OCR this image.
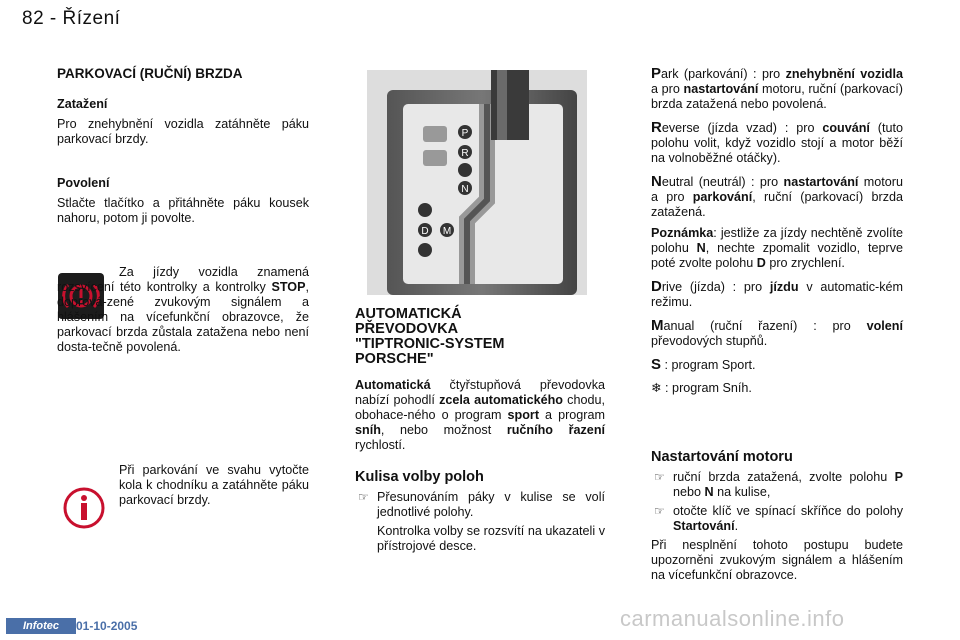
82 - Řízení
PARKOVACÍ (RUČNÍ) BRZDA

Zatažení

Pro znehybnění vozidla zatáhněte páku parkovací brzdy.

Povolení

Stlačte tlačítko a přitáhněte páku kousek nahoru, potom ji povolte.

Za jízdy vozidla znamená rozsvícení této kontrolky a kontrolky STOP, doprová-zené zvukovým signálem a hlášením na vícefunkční obrazovce, že parkovací brzda zůstala zatažena nebo není dosta-tečně povolená.

Při parkování ve svahu vytočte kola k chodníku a zatáhněte páku parkovací brzdy.

P
R
N
D M
AUTOMATICKÁ
PŘEVODOVKA
"TIPTRONIC-SYSTEM
PORSCHE"

Automatická čtyřstupňová převodovka nabízí pohodlí zcela automatického chodu, obohace-ného o program sport a program sníh, nebo možnost ručního řazení rychlostí.

Kulisa volby poloh
☞ Přesunováním páky v kulise se volí jednotlivé polohy.
Kontrolka volby se rozsvítí na ukazateli v přístrojové desce.

Park (parkování) : pro znehybnění vozidla a pro nastartování motoru, ruční (parkovací) brzda zatažená nebo povolená.

Reverse (jízda vzad) : pro couvání (tuto polohu volit, když vozidlo stojí a motor běží na volnoběžné otáčky).

Neutral (neutrál) : pro nastartování motoru a pro parkování, ruční (parkovací) brzda zatažená.

Poznámka: jestliže za jízdy nechtěně zvolíte polohu N, nechte zpomalit vozidlo, teprve poté zvolte polohu D pro zrychlení.

Drive (jízda) : pro jízdu v automatic-kém režimu.

Manual (ruční řazení) : pro volení převodových stupňů.

S : program Sport.

❄ : program Sníh.

Nastartování motoru
☞ ruční brzda zatažená, zvolte polohu P nebo N na kulise,
☞ otočte klíč ve spínací skříňce do polohy Startování.

Při nesplnění tohoto postupu budete upozorněni zvukovým signálem a hlášením na vícefunkční obrazovce.

Infotec	01-10-2005	carmanualsonline.info
